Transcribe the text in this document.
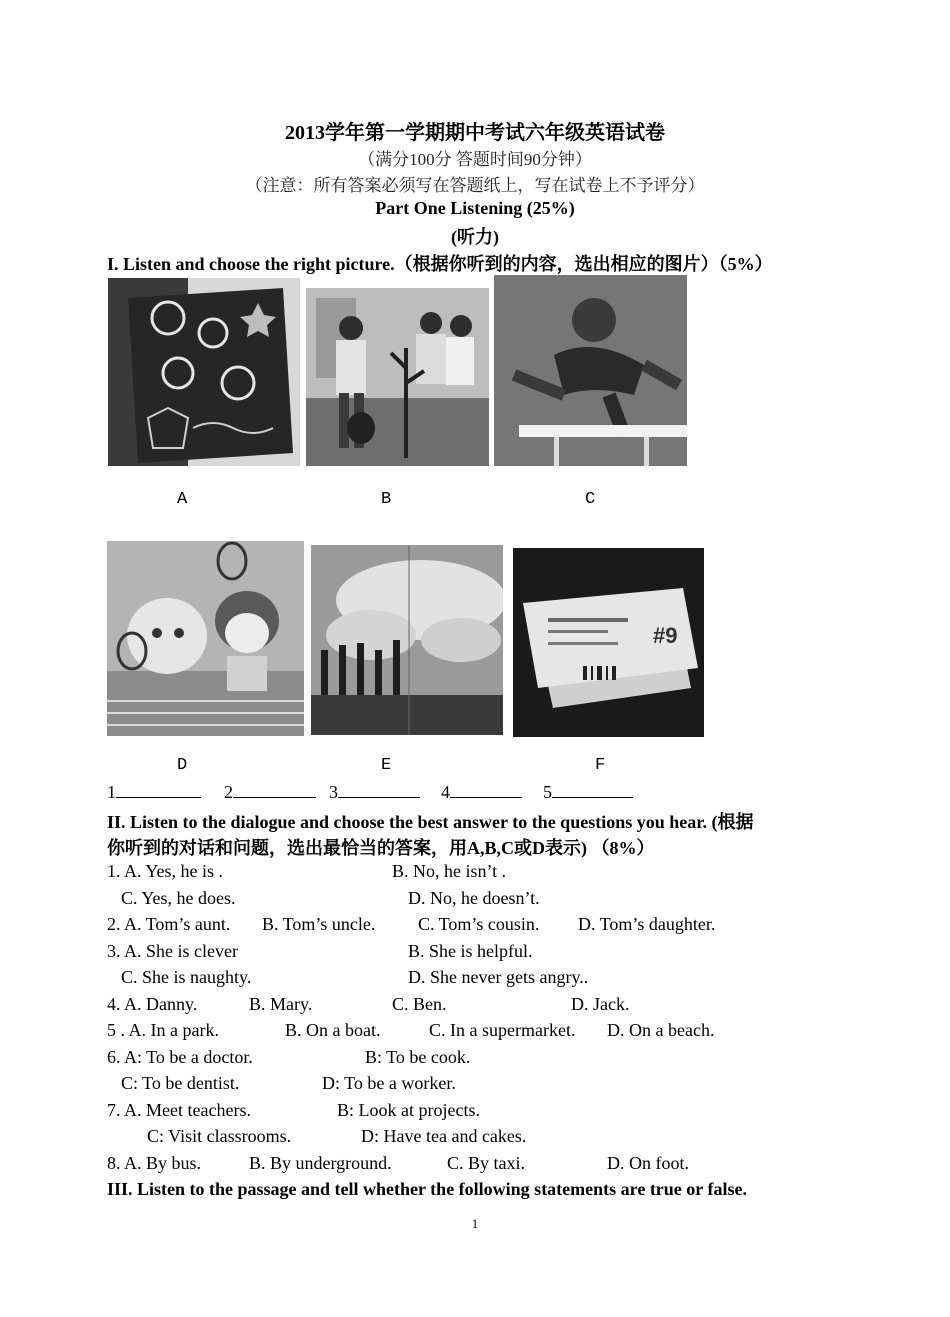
2013学年第一学期期中考试六年级英语试卷
（满分100分 答题时间90分钟）
（注意：所有答案必须写在答题纸上，写在试卷上不予评分）
Part One Listening (25%)
(听力)
I. Listen and choose the right picture.（根据你听到的内容，选出相应的图片）（5%）
A	B	C
#9
D	E	F
1	2	3	4	5
II. Listen to the dialogue and choose the best answer to the questions you hear. (根据
你听到的对话和问题，选出最恰当的答案，用A,B,C或D表示) （8%）
1. A. Yes, he is .	B. No, he isn’t .
C. Yes, he does.	D. No, he doesn’t.
2. A. Tom’s aunt. B. Tom’s uncle. C. Tom’s cousin. D. Tom’s daughter.
3. A. She is clever	B. She is helpful.
C. She is naughty.	D. She never gets angry..
4. A. Danny.	B. Mary.	C. Ben.	D. Jack.
5 . A. In a park.	B. On a boat.	C. In a supermarket. D. On a beach.
6. A: To be a doctor.	B: To be cook.
C: To be dentist.	D: To be a worker.
7. A. Meet teachers.	B: Look at projects.
C: Visit classrooms.	D: Have tea and cakes.
8. A. By bus.	B. By underground.	C. By taxi.	D. On foot.
III. Listen to the passage and tell whether the following statements are true or false.
1
